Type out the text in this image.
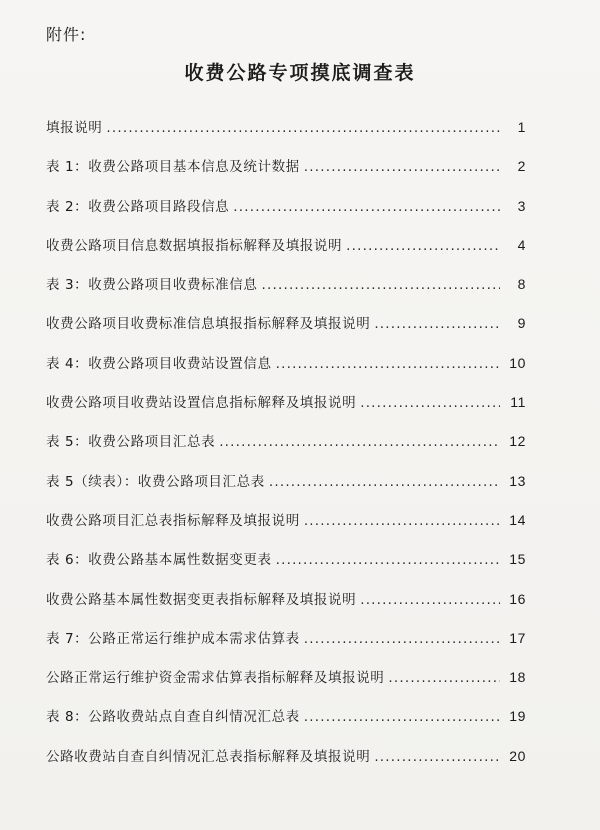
附件:
收费公路专项摸底调查表
填报说明 .....	1
表 1：收费公路项目基本信息及统计数据 .....	2
表 2：收费公路项目路段信息 .....	3
收费公路项目信息数据填报指标解释及填报说明 .....	4
表 3：收费公路项目收费标准信息 .....	8
收费公路项目收费标准信息填报指标解释及填报说明 .....	9
表 4：收费公路项目收费站设置信息 .....	10
收费公路项目收费站设置信息指标解释及填报说明 .....	11
表 5：收费公路项目汇总表 .....	12
表 5（续表）：收费公路项目汇总表 .....	13
收费公路项目汇总表指标解释及填报说明 .....	14
表 6：收费公路基本属性数据变更表 .....	15
收费公路基本属性数据变更表指标解释及填报说明 .....	16
表 7：公路正常运行维护成本需求估算表 .....	17
公路正常运行维护资金需求估算表指标解释及填报说明 .....	18
表 8：公路收费站点自查自纠情况汇总表 .....	19
公路收费站自查自纠情况汇总表指标解释及填报说明 .....	20
